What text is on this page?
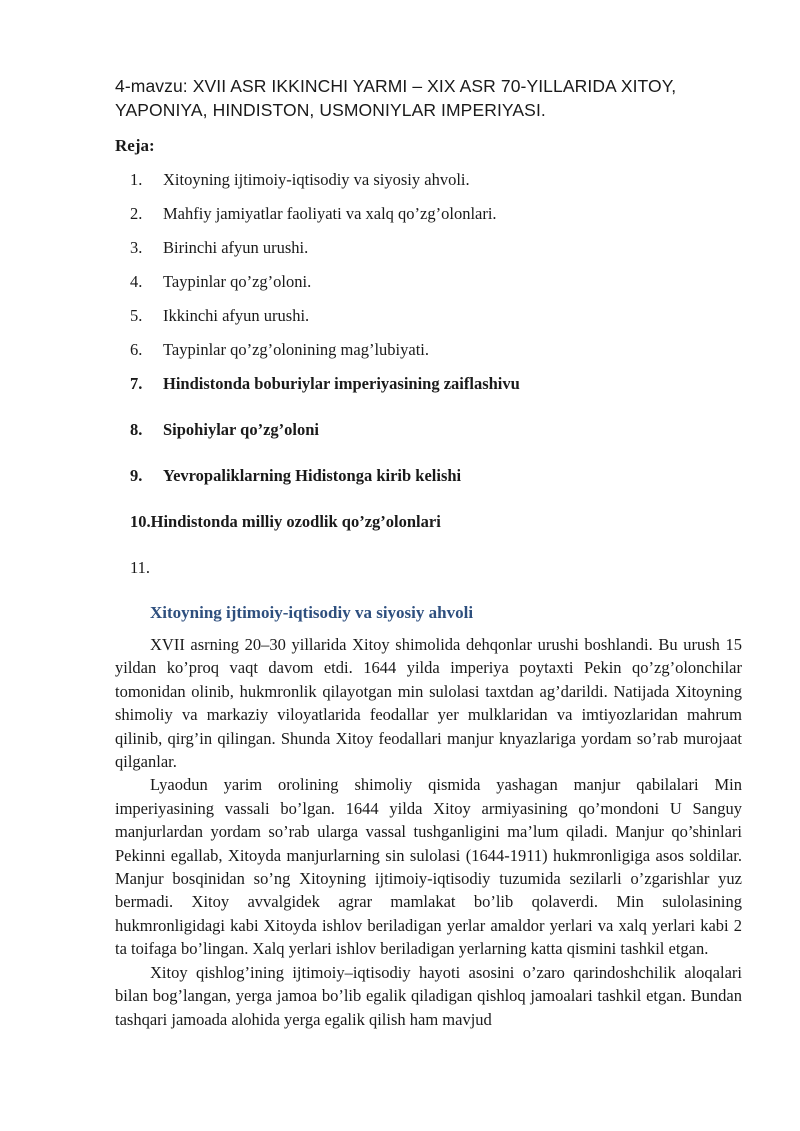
4-mavzu: XVII ASR IKKINCHI YARMI – XIX ASR 70-YILLARIDA XITOY, YAPONIYA, HINDISTON, USMONIYLAR IMPERIYASI.
Reja:
1. Xitoyning ijtimoiy-iqtisodiy va siyosiy ahvoli.
2. Mahfiy jamiyatlar faoliyati va xalq qo’zg’olonlari.
3. Birinchi afyun urushi.
4. Taypinlar qo’zg’oloni.
5. Ikkinchi afyun urushi.
6. Taypinlar qo’zg’olonining mag’lubiyati.
7. Hindistonda boburiylar imperiyasining zaiflashivu
8. Sipohiylar qo’zg’oloni
9. Yevropaliklarning Hidistonga kirib kelishi
10.Hindistonda milliy ozodlik qo’zg’olonlari
11.
Xitoyning ijtimoiy-iqtisodiy va siyosiy ahvoli

XVII asrning 20–30 yillarida Xitoy shimolida dehqonlar urushi boshlandi. Bu urush 15 yildan ko’proq vaqt davom etdi. 1644 yilda imperiya poytaxti Pekin qo’zg’olonchilar tomonidan olinib, hukmronlik qilayotgan min sulolasi taxtdan ag’darildi. Natijada Xitoyning shimoliy va markaziy viloyatlarida feodallar yer mulklaridan va imtiyozlaridan mahrum qilinib, qirg’in qilingan. Shunda Xitoy feodallari manjur knyazlariga yordam so’rab murojaat qilganlar.

Lyaodun yarim orolining shimoliy qismida yashagan manjur qabilalari Min imperiyasining vassali bo’lgan. 1644 yilda Xitoy armiyasining qo’mondoni U Sanguy manjurlardan yordam so’rab ularga vassal tushganligini ma’lum qiladi. Manjur qo’shinlari Pekinni egallab, Xitoyda manjurlarning sin sulolasi (1644-1911) hukmronligiga asos soldilar. Manjur bosqinidan so’ng Xitoyning ijtimoiy-iqtisodiy tuzumida sezilarli o’zgarishlar yuz bermadi. Xitoy avvalgidek agrar mamlakat bo’lib qolaverdi. Min sulolasining hukmronligidagi kabi Xitoyda ishlov beriladigan yerlar amaldor yerlari va xalq yerlari kabi 2 ta toifaga bo’lingan. Xalq yerlari ishlov beriladigan yerlarning katta qismini tashkil etgan.

Xitoy qishlog’ining ijtimoiy–iqtisodiy hayoti asosini o’zaro qarindoshchilik aloqalari bilan bog’langan, yerga jamoa bo’lib egalik qiladigan qishloq jamoalari tashkil etgan. Bundan tashqari jamoada alohida yerga egalik qilish ham mavjud
